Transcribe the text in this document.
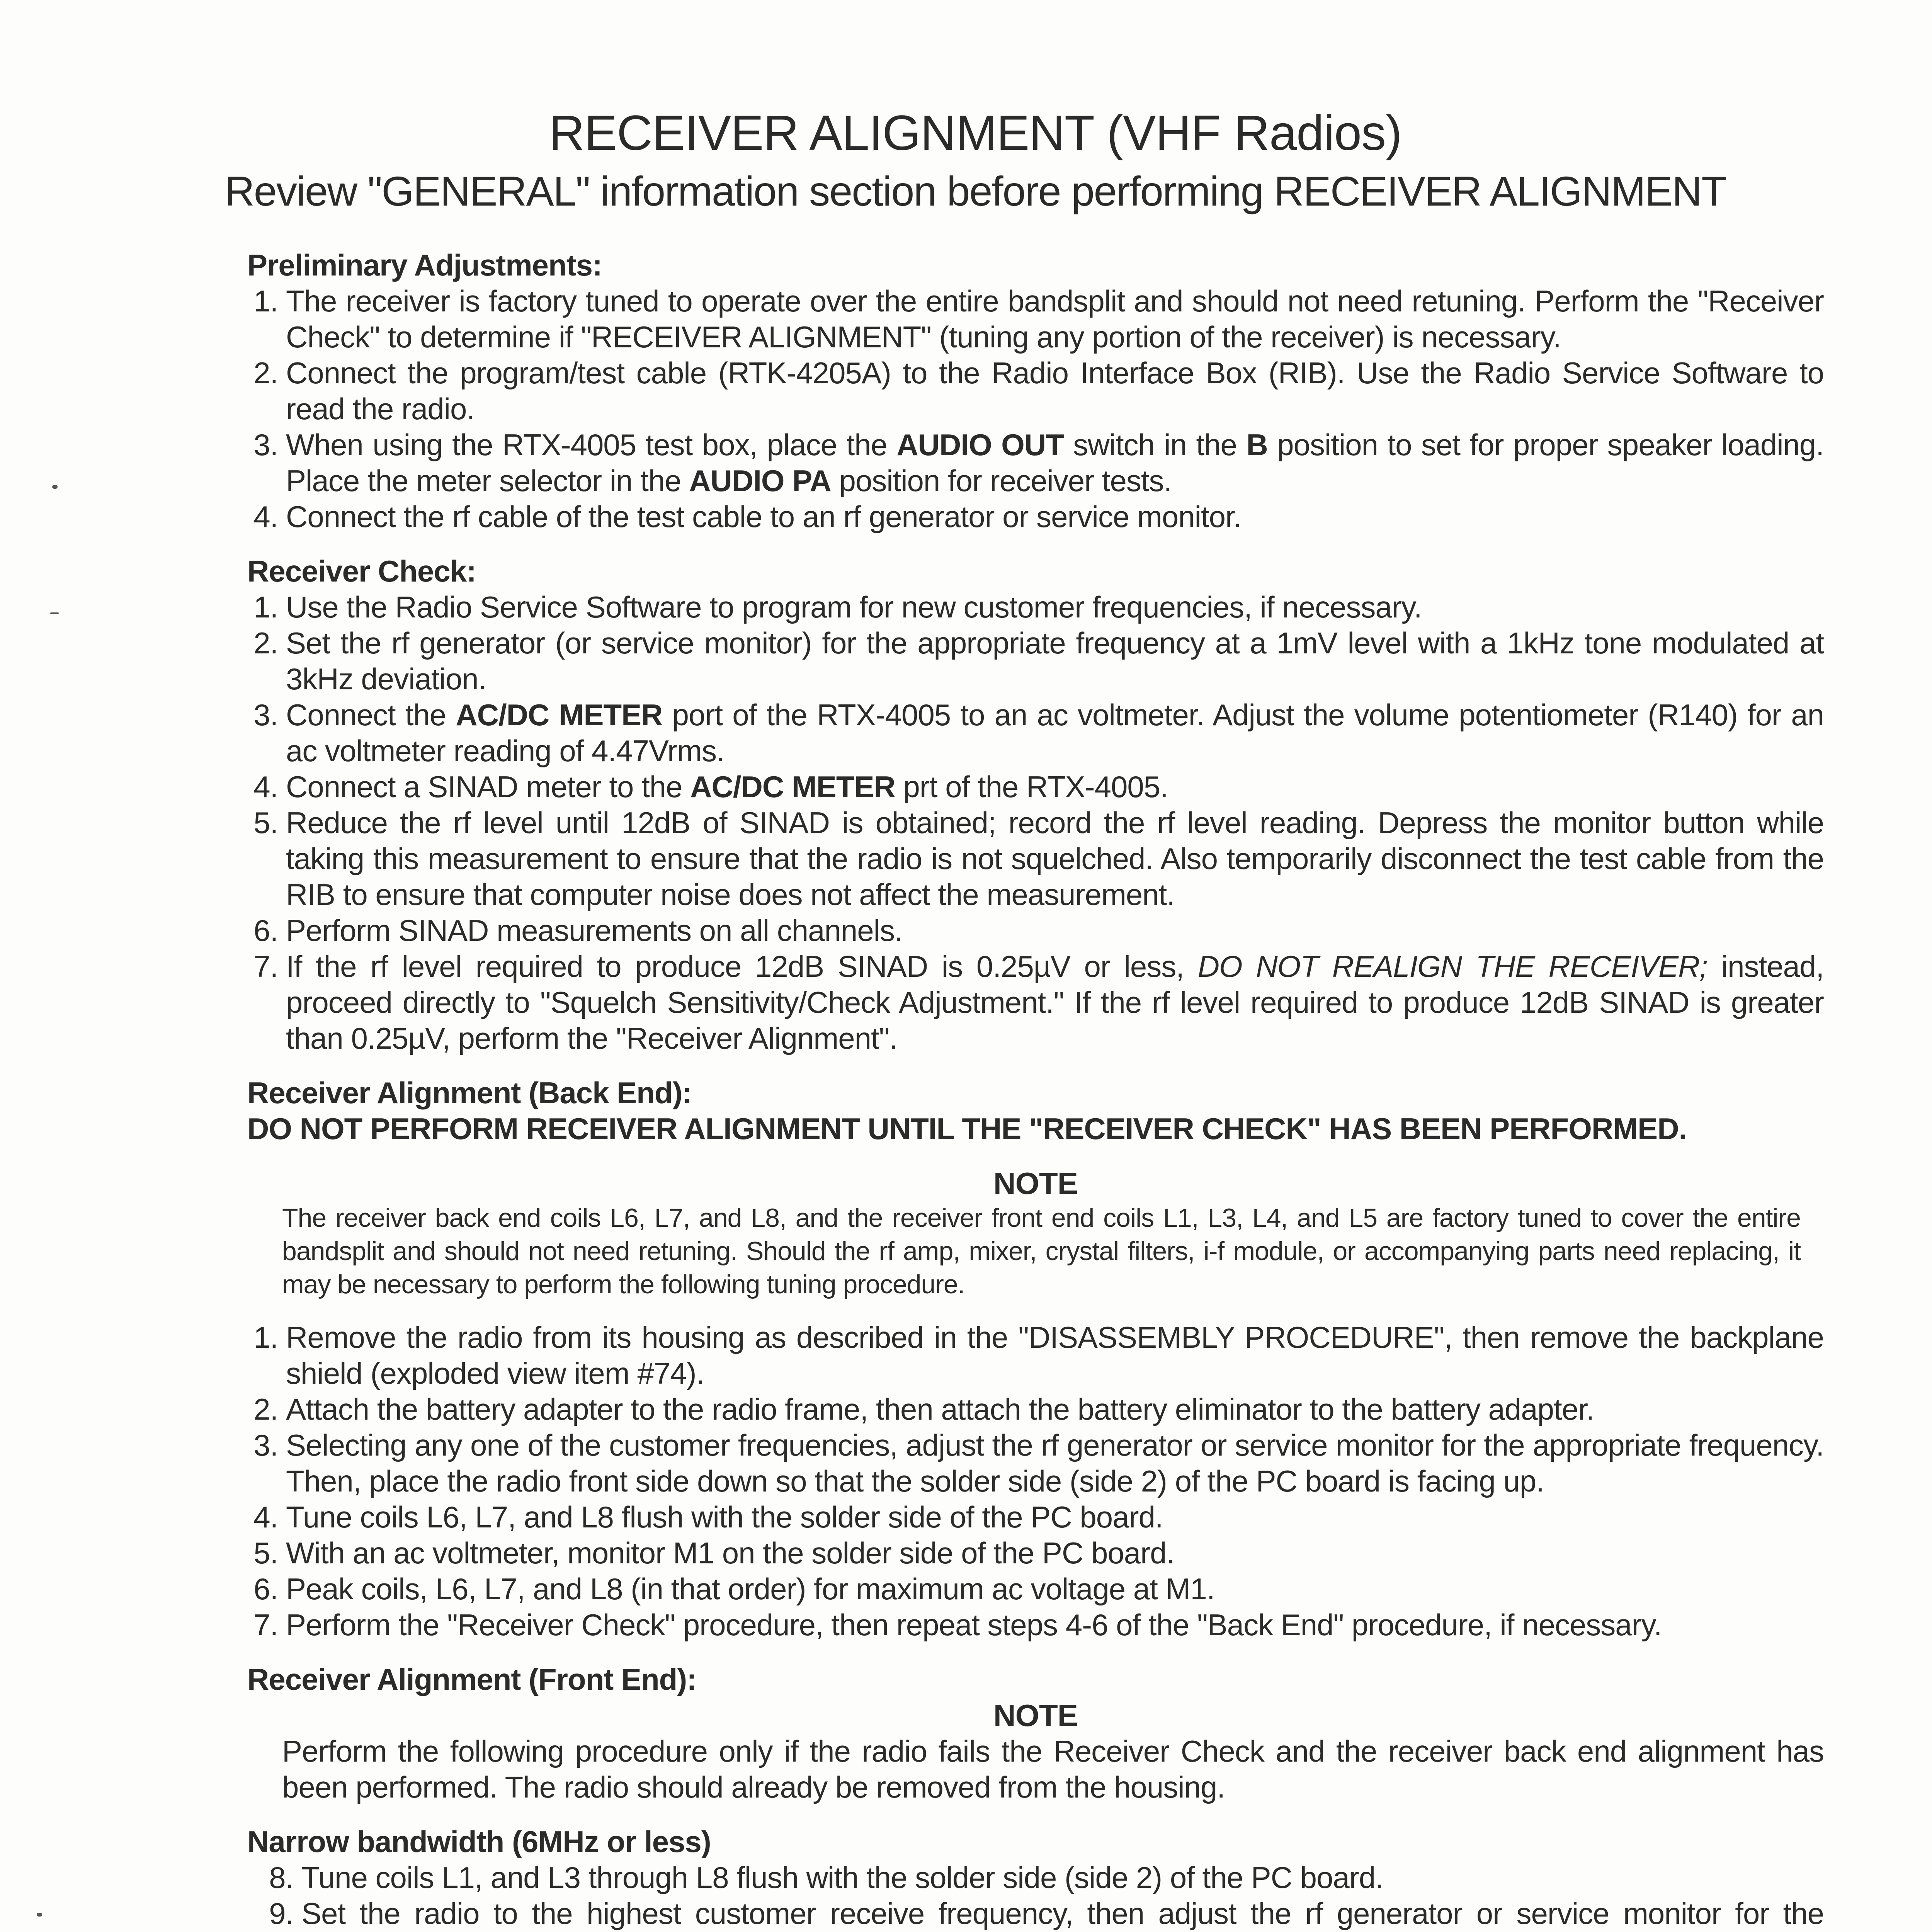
RECEIVER ALIGNMENT (VHF Radios)
Review "GENERAL" information section before performing RECEIVER ALIGNMENT
Preliminary Adjustments:
1. The receiver is factory tuned to operate over the entire bandsplit and should not need retuning. Perform the "Receiver Check" to determine if "RECEIVER ALIGNMENT" (tuning any portion of the receiver) is necessary.
2. Connect the program/test cable (RTK-4205A) to the Radio Interface Box (RIB). Use the Radio Service Software to read the radio.
3. When using the RTX-4005 test box, place the AUDIO OUT switch in the B position to set for proper speaker loading. Place the meter selector in the AUDIO PA position for receiver tests.
4. Connect the rf cable of the test cable to an rf generator or service monitor.
Receiver Check:
1. Use the Radio Service Software to program for new customer frequencies, if necessary.
2. Set the rf generator (or service monitor) for the appropriate frequency at a 1mV level with a 1kHz tone modulated at 3kHz deviation.
3. Connect the AC/DC METER port of the RTX-4005 to an ac voltmeter. Adjust the volume potentiometer (R140) for an ac voltmeter reading of 4.47Vrms.
4. Connect a SINAD meter to the AC/DC METER prt of the RTX-4005.
5. Reduce the rf level until 12dB of SINAD is obtained; record the rf level reading. Depress the monitor button while taking this measurement to ensure that the radio is not squelched. Also temporarily disconnect the test cable from the RIB to ensure that computer noise does not affect the measurement.
6. Perform SINAD measurements on all channels.
7. If the rf level required to produce 12dB SINAD is 0.25µV or less, DO NOT REALIGN THE RECEIVER; instead, proceed directly to "Squelch Sensitivity/Check Adjustment." If the rf level required to produce 12dB SINAD is greater than 0.25µV, perform the "Receiver Alignment".
Receiver Alignment (Back End):
DO NOT PERFORM RECEIVER ALIGNMENT UNTIL THE "RECEIVER CHECK" HAS BEEN PERFORMED.
NOTE
The receiver back end coils L6, L7, and L8, and the receiver front end coils L1, L3, L4, and L5 are factory tuned to cover the entire bandsplit and should not need retuning. Should the rf amp, mixer, crystal filters, i-f module, or accompanying parts need replacing, it may be necessary to perform the following tuning procedure.
1. Remove the radio from its housing as described in the "DISASSEMBLY PROCEDURE", then remove the backplane shield (exploded view item #74).
2. Attach the battery adapter to the radio frame, then attach the battery eliminator to the battery adapter.
3. Selecting any one of the customer frequencies, adjust the rf generator or service monitor for the appropriate frequency. Then, place the radio front side down so that the solder side (side 2) of the PC board is facing up.
4. Tune coils L6, L7, and L8 flush with the solder side of the PC board.
5. With an ac voltmeter, monitor M1 on the solder side of the PC board.
6. Peak coils, L6, L7, and L8 (in that order) for maximum ac voltage at M1.
7. Perform the "Receiver Check" procedure, then repeat steps 4-6 of the "Back End" procedure, if necessary.
Receiver Alignment (Front End):
NOTE
Perform the following procedure only if the radio fails the Receiver Check and the receiver back end alignment has been performed. The radio should already be removed from the housing.
Narrow bandwidth (6MHz or less)
8. Tune coils L1, and L3 through L8 flush with the solder side (side 2) of the PC board.
9. Set the radio to the highest customer receive frequency, then adjust the rf generator or service monitor for the
